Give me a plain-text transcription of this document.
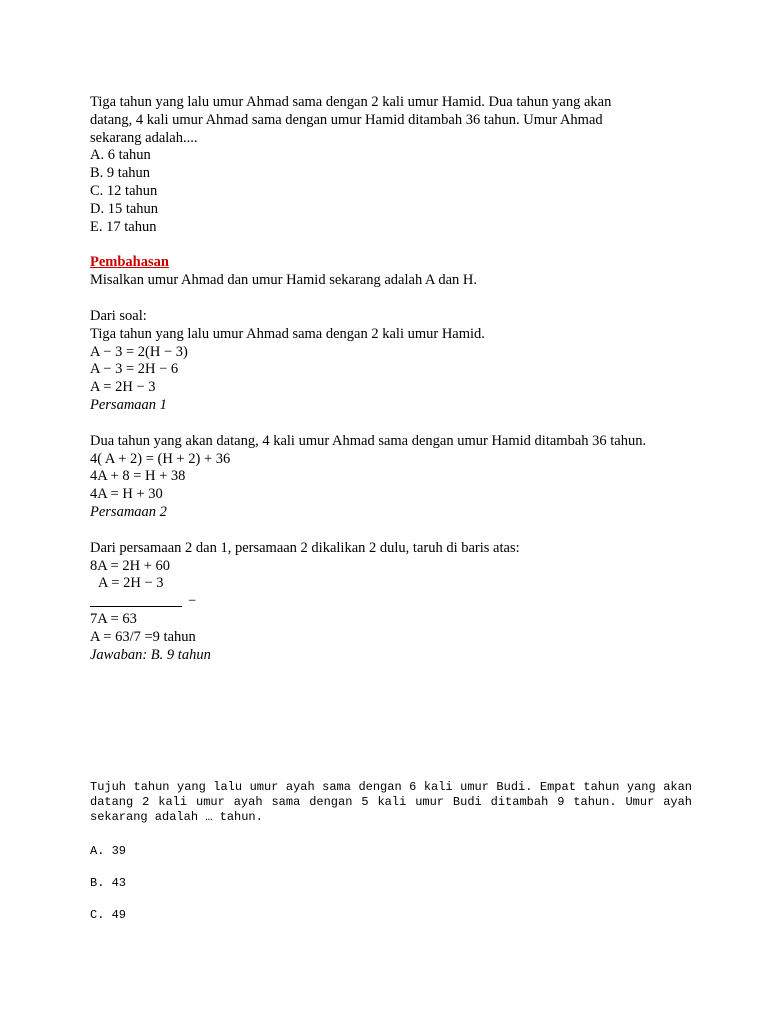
Tiga tahun yang lalu umur Ahmad sama dengan 2 kali umur Hamid. Dua tahun yang akan

datang, 4 kali umur Ahmad sama dengan umur Hamid ditambah 36 tahun. Umur Ahmad

sekarang adalah....

A. 6 tahun

B. 9 tahun

C. 12 tahun

D. 15 tahun

E. 17 tahun

Pembahasan

Misalkan umur Ahmad dan umur Hamid sekarang adalah A dan H.

Dari soal:

Tiga tahun yang lalu umur Ahmad sama dengan 2 kali umur Hamid.

A − 3 = 2(H − 3)

A − 3 = 2H − 6

A = 2H − 3

Persamaan 1

Dua tahun yang akan datang, 4 kali umur Ahmad sama dengan umur Hamid ditambah 36 tahun.

4( A + 2) = (H + 2) + 36

4A + 8 = H + 38

4A = H + 30

Persamaan 2

Dari persamaan 2 dan 1, persamaan 2 dikalikan 2 dulu, taruh di baris atas:

8A = 2H + 60

A = 2H − 3

−

7A = 63

A = 63/7 =9 tahun

Jawaban: B. 9 tahun

Tujuh tahun yang lalu umur ayah sama dengan 6 kali umur Budi. Empat tahun yang akan datang 2 kali umur ayah sama dengan 5 kali umur Budi ditambah 9 tahun. Umur ayah sekarang adalah … tahun.

A. 39
B. 43
C. 49
